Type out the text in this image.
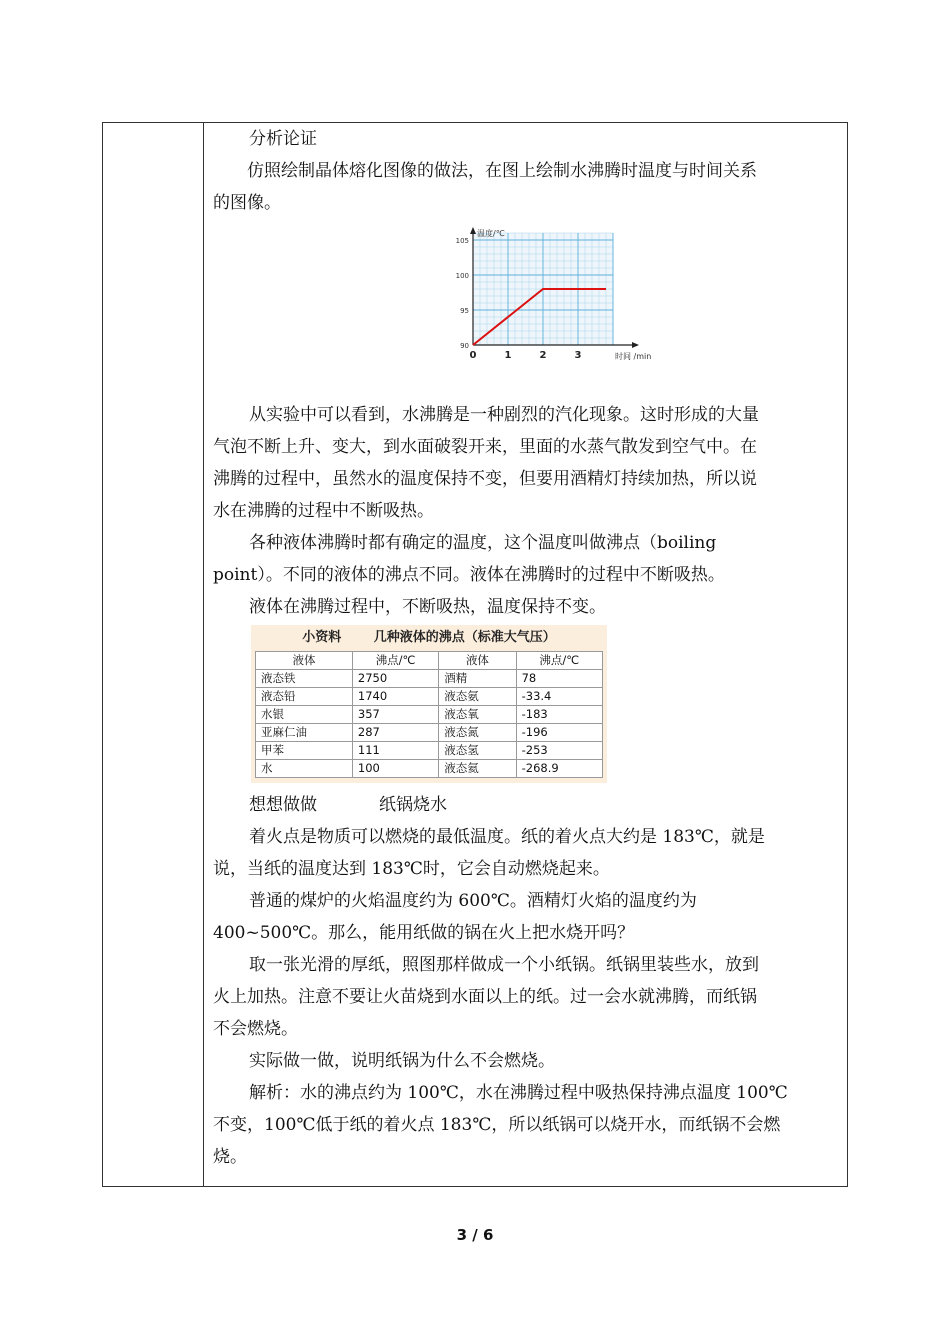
分析论证

仿照绘制晶体熔化图像的做法，在图上绘制水沸腾时温度与时间关系

的图像。

温度/℃
时间 /min
0	1	2	3
90
95
100
105

从实验中可以看到，水沸腾是一种剧烈的汽化现象。这时形成的大量

气泡不断上升、变大，到水面破裂开来，里面的水蒸气散发到空气中。在

沸腾的过程中，虽然水的温度保持不变，但要用酒精灯持续加热，所以说

水在沸腾的过程中不断吸热。

各种液体沸腾时都有确定的温度，这个温度叫做沸点（boiling

point）。不同的液体的沸点不同。液体在沸腾时的过程中不断吸热。

液体在沸腾过程中，不断吸热，温度保持不变。

小资料	几种液体的沸点（标准大气压）
液体	沸点/℃	液体	沸点/℃
液态铁	2750	酒精	78
液态铅	1740	液态氨	-33.4
水银	357	液态氧	-183
亚麻仁油	287	液态氮	-196
甲苯	111	液态氢	-253
水	100	液态氦	-268.9

想想做做	纸锅烧水

着火点是物质可以燃烧的最低温度。纸的着火点大约是 183℃，就是

说，当纸的温度达到 183℃时，它会自动燃烧起来。

普通的煤炉的火焰温度约为 600℃。酒精灯火焰的温度约为

400~500℃。那么，能用纸做的锅在火上把水烧开吗？

取一张光滑的厚纸，照图那样做成一个小纸锅。纸锅里装些水，放到

火上加热。注意不要让火苗烧到水面以上的纸。过一会水就沸腾，而纸锅

不会燃烧。

实际做一做，说明纸锅为什么不会燃烧。

解析：水的沸点约为 100℃，水在沸腾过程中吸热保持沸点温度 100℃

不变，100℃低于纸的着火点 183℃，所以纸锅可以烧开水，而纸锅不会燃

烧。

3 / 6
